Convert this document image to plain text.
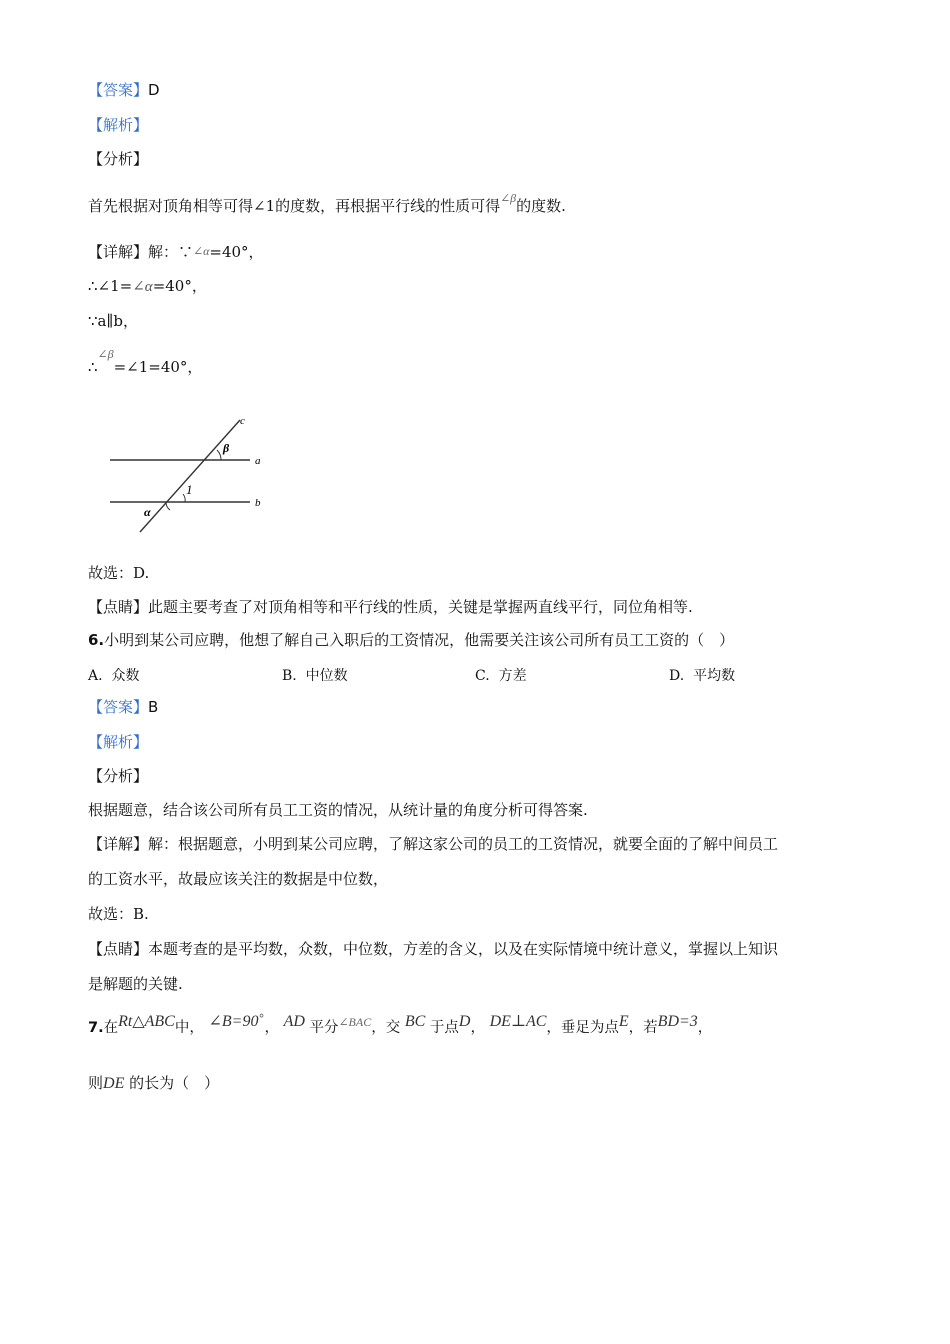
【答案】D
【解析】
【分析】
首先根据对顶角相等可得∠1的度数，再根据平行线的性质可得$^{\angle\beta}$的度数.
【详解】解：∵∠α=40°，
∴∠1=∠α=40°，
∵a∥b，
∴$^{\angle\beta}$=∠1=40°，
c
a
b
β
1
α
故选：D.
【点睛】此题主要考查了对顶角相等和平行线的性质，关键是掌握两直线平行，同位角相等.
6.小明到某公司应聘，他想了解自己入职后的工资情况，他需要关注该公司所有员工工资的（　）
A. 众数	B. 中位数	C. 方差	D. 平均数
【答案】B
【解析】
【分析】
根据题意，结合该公司所有员工工资的情况，从统计量的角度分析可得答案.
【详解】解：根据题意，小明到某公司应聘，了解这家公司的员工的工资情况，就要全面的了解中间员工
的工资水平，故最应该关注的数据是中位数，
故选：B.
【点睛】本题考查的是平均数，众数，中位数，方差的含义，以及在实际情境中统计意义，掌握以上知识
是解题的关键.
7.在Rt△ABC中， ∠B=90°， AD 平分$^{\angle BAC}$，交 BC 于点D， DE⊥AC，垂足为点E，若BD=3，
则DE 的长为（　）
